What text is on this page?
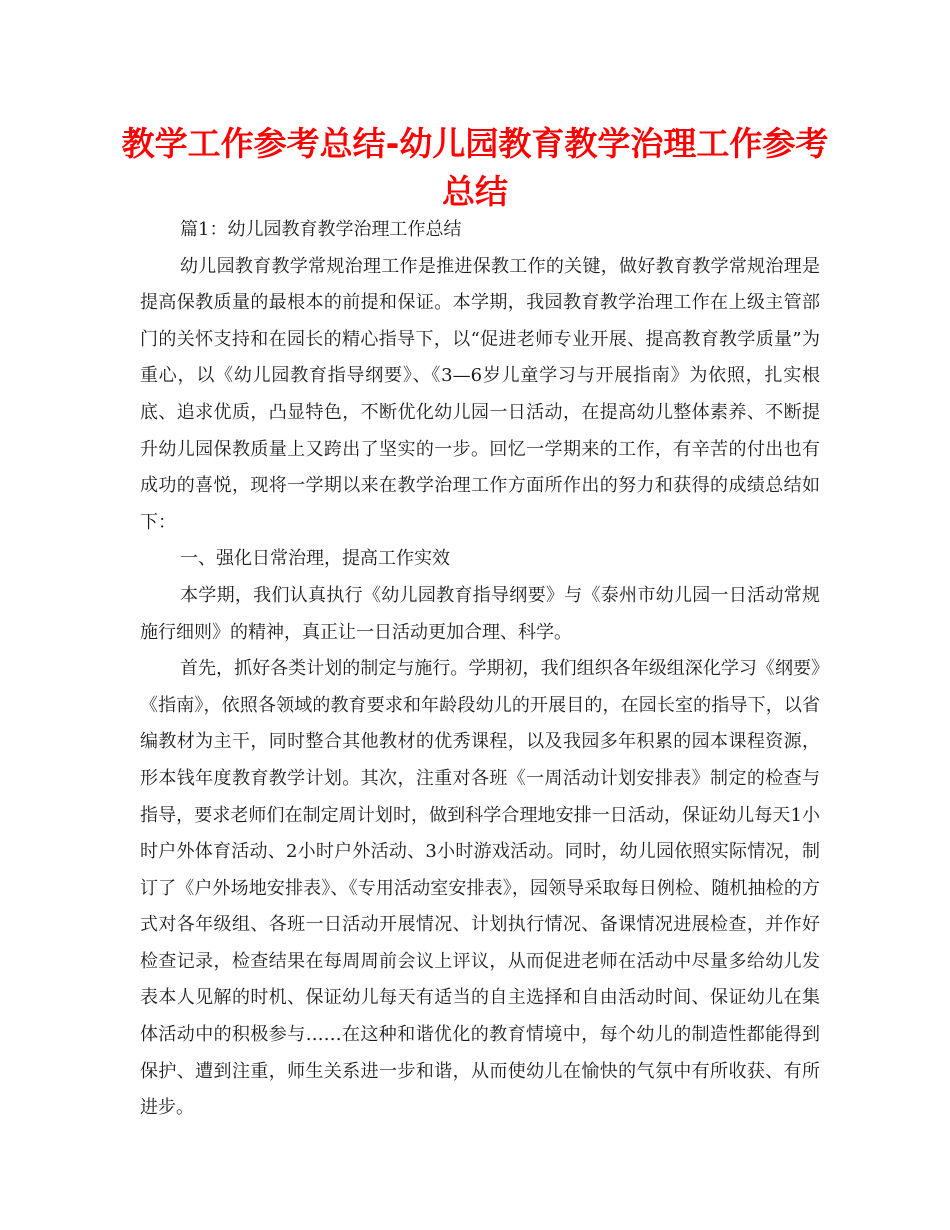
教学工作参考总结-幼儿园教育教学治理工作参考总结

篇1：幼儿园教育教学治理工作总结

幼儿园教育教学常规治理工作是推进保教工作的关键，做好教育教学常规治理是提高保教质量的最根本的前提和保证。本学期，我园教育教学治理工作在上级主管部门的关怀支持和在园长的精心指导下，以“促进老师专业开展、提高教育教学质量”为重心，以《幼儿园教育指导纲要》、《3—6岁儿童学习与开展指南》为依照，扎实根底、追求优质，凸显特色，不断优化幼儿园一日活动，在提高幼儿整体素养、不断提升幼儿园保教质量上又跨出了坚实的一步。回忆一学期来的工作，有辛苦的付出也有成功的喜悦，现将一学期以来在教学治理工作方面所作出的努力和获得的成绩总结如下：

一、强化日常治理，提高工作实效

本学期，我们认真执行《幼儿园教育指导纲要》与《泰州市幼儿园一日活动常规施行细则》的精神，真正让一日活动更加合理、科学。

首先，抓好各类计划的制定与施行。学期初，我们组织各年级组深化学习《纲要》《指南》，依照各领域的教育要求和年龄段幼儿的开展目的，在园长室的指导下，以省编教材为主干，同时整合其他教材的优秀课程，以及我园多年积累的园本课程资源，形本钱年度教育教学计划。其次，注重对各班《一周活动计划安排表》制定的检查与指导，要求老师们在制定周计划时，做到科学合理地安排一日活动，保证幼儿每天1小时户外体育活动、2小时户外活动、3小时游戏活动。同时，幼儿园依照实际情况，制订了《户外场地安排表》、《专用活动室安排表》，园领导采取每日例检、随机抽检的方式对各年级组、各班一日活动开展情况、计划执行情况、备课情况进展检查，并作好检查记录，检查结果在每周周前会议上评议，从而促进老师在活动中尽量多给幼儿发表本人见解的时机、保证幼儿每天有适当的自主选择和自由活动时间、保证幼儿在集体活动中的积极参与……在这种和谐优化的教育情境中，每个幼儿的制造性都能得到保护、遭到注重，师生关系进一步和谐，从而使幼儿在愉快的气氛中有所收获、有所进步。
